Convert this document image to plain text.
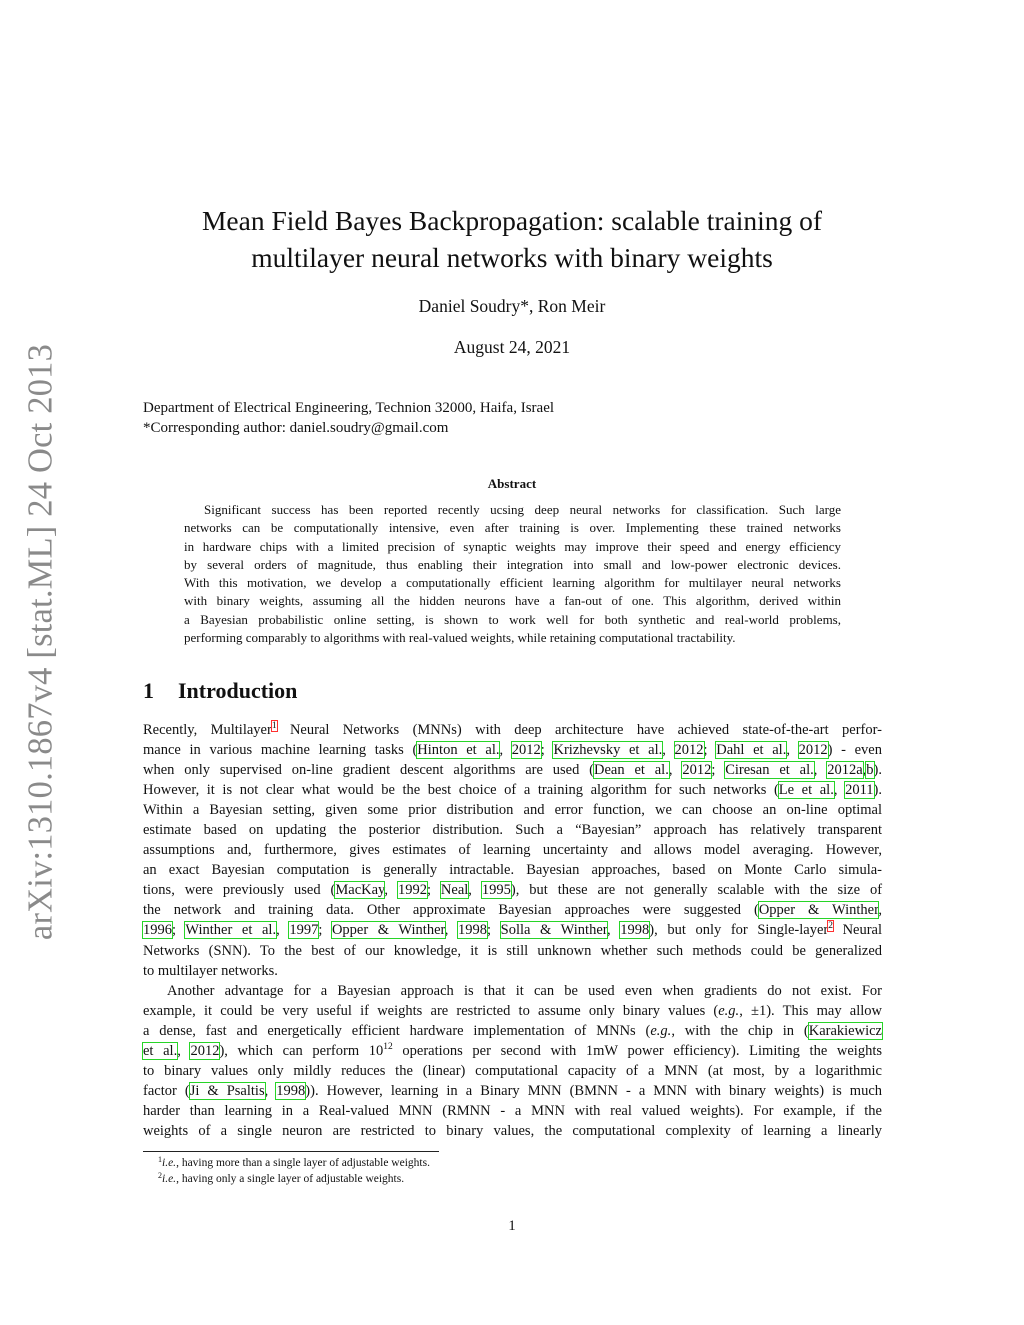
arXiv:1310.1867v4 [stat.ML] 24 Oct 2013
Mean Field Bayes Backpropagation: scalable training of
multilayer neural networks with binary weights
Daniel Soudry*, Ron Meir
August 24, 2021
Department of Electrical Engineering, Technion 32000, Haifa, Israel
*Corresponding author: daniel.soudry@gmail.com
Abstract
Significant success has been reported recently ucsing deep neural networks for classification. Such large
networks can be computationally intensive, even after training is over. Implementing these trained networks
in hardware chips with a limited precision of synaptic weights may improve their speed and energy efficiency
by several orders of magnitude, thus enabling their integration into small and low-power electronic devices.
With this motivation, we develop a computationally efficient learning algorithm for multilayer neural networks
with binary weights, assuming all the hidden neurons have a fan-out of one. This algorithm, derived within
a Bayesian probabilistic online setting, is shown to work well for both synthetic and real-world problems,
performing comparably to algorithms with real-valued weights, while retaining computational tractability.
1 Introduction
Recently, Multilayer$^1$ Neural Networks (MNNs) with deep architecture have achieved state-of-the-art perfor-
mance in various machine learning tasks (Hinton et al., 2012; Krizhevsky et al., 2012; Dahl et al., 2012) - even
when only supervised on-line gradient descent algorithms are used (Dean et al., 2012; Ciresan et al., 2012a,b).
However, it is not clear what would be the best choice of a training algorithm for such networks (Le et al., 2011).
Within a Bayesian setting, given some prior distribution and error function, we can choose an on-line optimal
estimate based on updating the posterior distribution. Such a “Bayesian” approach has relatively transparent
assumptions and, furthermore, gives estimates of learning uncertainty and allows model averaging. However,
an exact Bayesian computation is generally intractable. Bayesian approaches, based on Monte Carlo simula-
tions, were previously used (MacKay, 1992; Neal, 1995), but these are not generally scalable with the size of
the network and training data. Other approximate Bayesian approaches were suggested (Opper & Winther,
1996; Winther et al., 1997; Opper & Winther, 1998; Solla & Winther, 1998), but only for Single-layer$^2$ Neural
Networks (SNN). To the best of our knowledge, it is still unknown whether such methods could be generalized
to multilayer networks.
Another advantage for a Bayesian approach is that it can be used even when gradients do not exist. For
example, it could be very useful if weights are restricted to assume only binary values (e.g., ±1). This may allow
a dense, fast and energetically efficient hardware implementation of MNNs (e.g., with the chip in (Karakiewicz
et al., 2012), which can perform $10^{12}$ operations per second with 1mW power efficiency). Limiting the weights
to binary values only mildly reduces the (linear) computational capacity of a MNN (at most, by a logarithmic
factor (Ji & Psaltis, 1998)). However, learning in a Binary MNN (BMNN - a MNN with binary weights) is much
harder than learning in a Real-valued MNN (RMNN - a MNN with real valued weights). For example, if the
weights of a single neuron are restricted to binary values, the computational complexity of learning a linearly
$^1$i.e., having more than a single layer of adjustable weights.
$^2$i.e., having only a single layer of adjustable weights.
1
